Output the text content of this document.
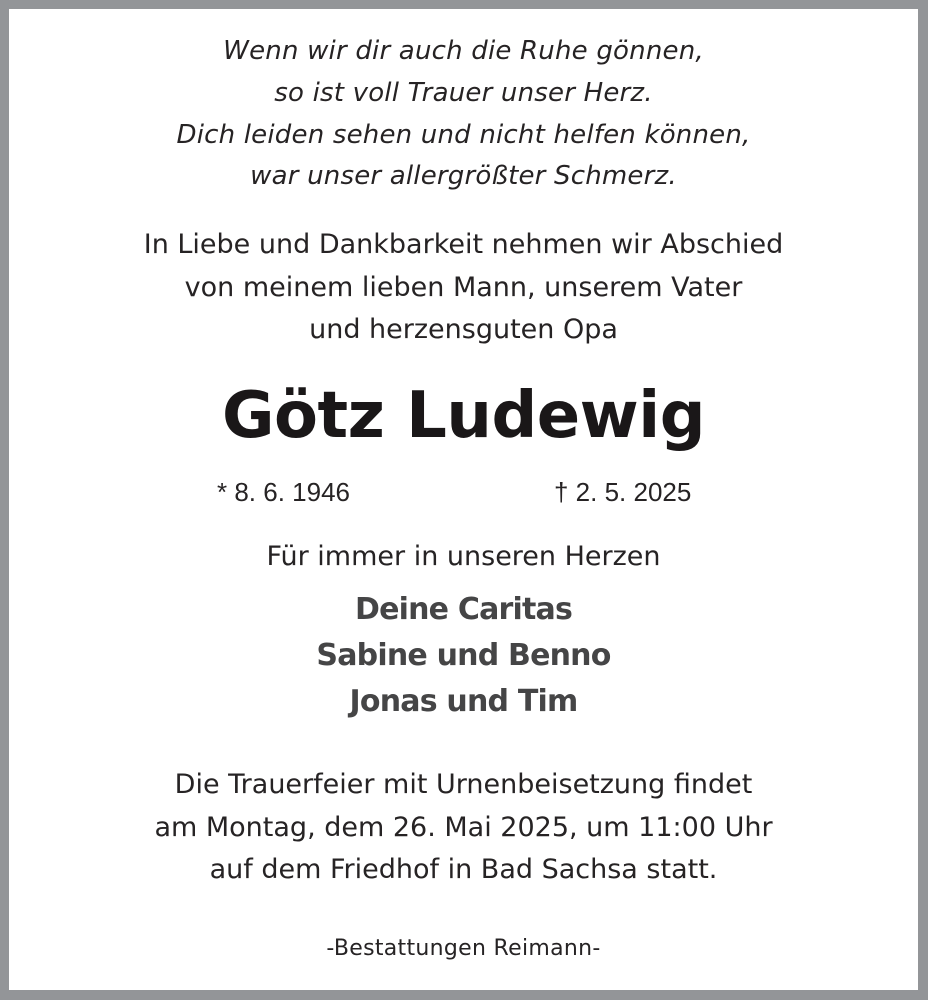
Wenn wir dir auch die Ruhe gönnen,
so ist voll Trauer unser Herz.
Dich leiden sehen und nicht helfen können,
war unser allergrößter Schmerz.
In Liebe und Dankbarkeit nehmen wir Abschied
von meinem lieben Mann, unserem Vater
und herzensguten Opa
Götz Ludewig
* 8. 6. 1946	† 2. 5. 2025
Für immer in unseren Herzen
Deine Caritas
Sabine und Benno
Jonas und Tim
Die Trauerfeier mit Urnenbeisetzung findet
am Montag, dem 26. Mai 2025, um 11:00 Uhr
auf dem Friedhof in Bad Sachsa statt.
-Bestattungen Reimann-
